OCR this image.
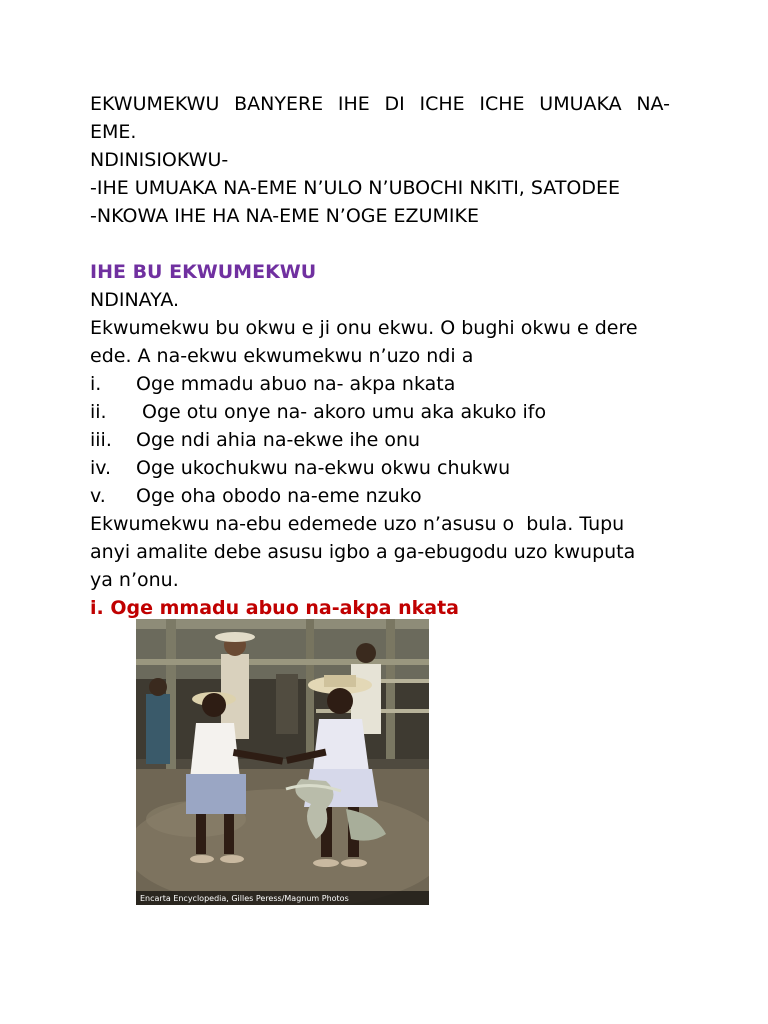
EKWUMEKWU BANYERE IHE DI ICHE ICHE UMUAKA NA-
EME.
NDINISIOKWU-
-IHE UMUAKA NA-EME N’ULO N’UBOCHI NKITI, SATODEE
-NKOWA IHE HA NA-EME N’OGE EZUMIKE
IHE BU EKWUMEKWU
NDINAYA.
Ekwumekwu bu okwu e ji onu ekwu. O bughi okwu e dere
ede. A na-ekwu ekwumekwu n’uzo ndi a
i.	Oge mmadu abuo na- akpa nkata
ii.	Oge otu onye na- akoro umu aka akuko ifo
iii.	Oge ndi ahia na-ekwe ihe onu
iv.	Oge ukochukwu na-ekwu okwu chukwu
v.	Oge oha obodo na-eme nzuko
Ekwumekwu na-ebu edemede uzo n’asusu o  bula. Tupu
anyi amalite debe asusu igbo a ga-ebugodu uzo kwuputa
ya n’onu.
i. Oge mmadu abuo na-akpa nkata
Encarta Encyclopedia, Gilles Peress/Magnum Photos
